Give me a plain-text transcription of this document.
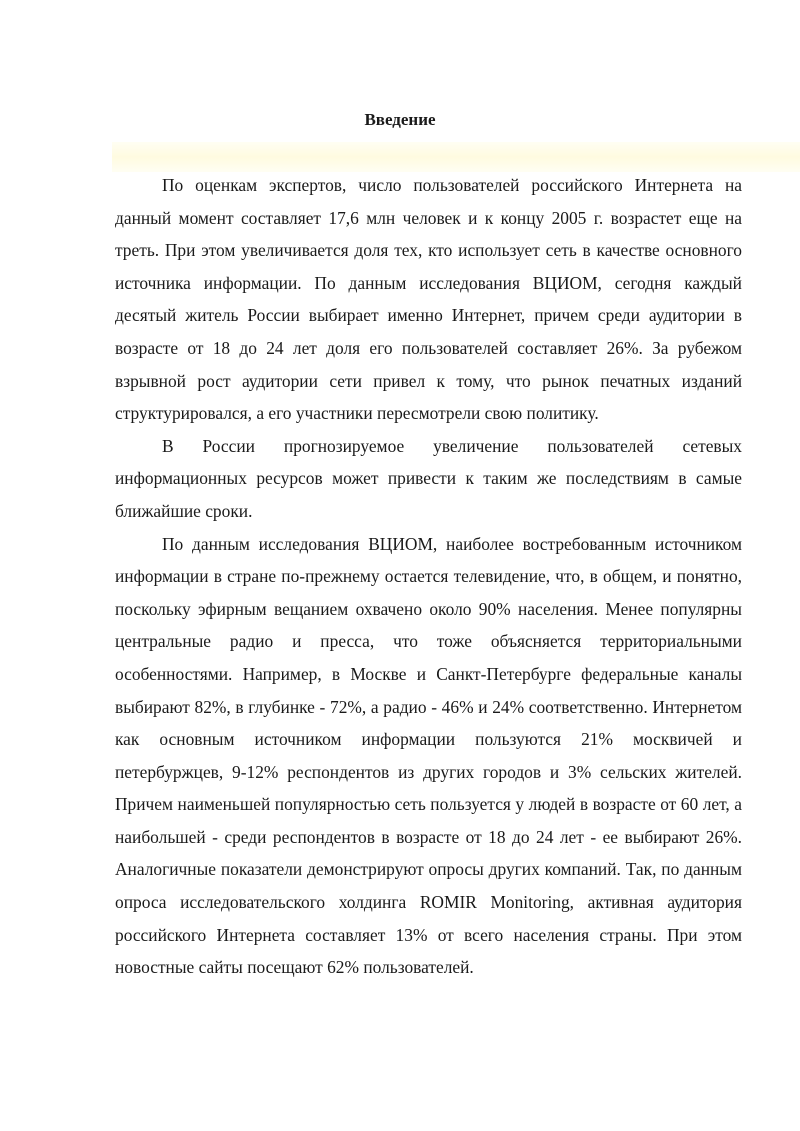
Введение

По оценкам экспертов, число пользователей российского Интернета на данный момент составляет 17,6 млн человек и к концу 2005 г. возрастет еще на треть. При этом увеличивается доля тех, кто использует сеть в качестве основного источника информации. По данным исследования ВЦИОМ, сегодня каждый десятый житель России выбирает именно Интернет, причем среди аудитории в возрасте от 18 до 24 лет доля его пользователей составляет 26%. За рубежом взрывной рост аудитории сети привел к тому, что рынок печатных изданий структурировался, а его участники пересмотрели свою политику.

В России прогнозируемое увеличение пользователей сетевых информационных ресурсов может привести к таким же последствиям в самые ближайшие сроки.

По данным исследования ВЦИОМ, наиболее востребованным источником информации в стране по-прежнему остается телевидение, что, в общем, и понятно, поскольку эфирным вещанием охвачено около 90% населения. Менее популярны центральные радио и пресса, что тоже объясняется территориальными особенностями. Например, в Москве и Санкт-Петербурге федеральные каналы выбирают 82%, в глубинке - 72%, а радио - 46% и 24% соответственно. Интернетом как основным источником информации пользуются 21% москвичей и петербуржцев, 9-12% респондентов из других городов и 3% сельских жителей. Причем наименьшей популярностью сеть пользуется у людей в возрасте от 60 лет, а наибольшей - среди респондентов в возрасте от 18 до 24 лет - ее выбирают 26%. Аналогичные показатели демонстрируют опросы других компаний. Так, по данным опроса исследовательского холдинга ROMIR Monitoring, активная аудитория российского Интернета составляет 13% от всего населения страны. При этом новостные сайты посещают 62% пользователей.
